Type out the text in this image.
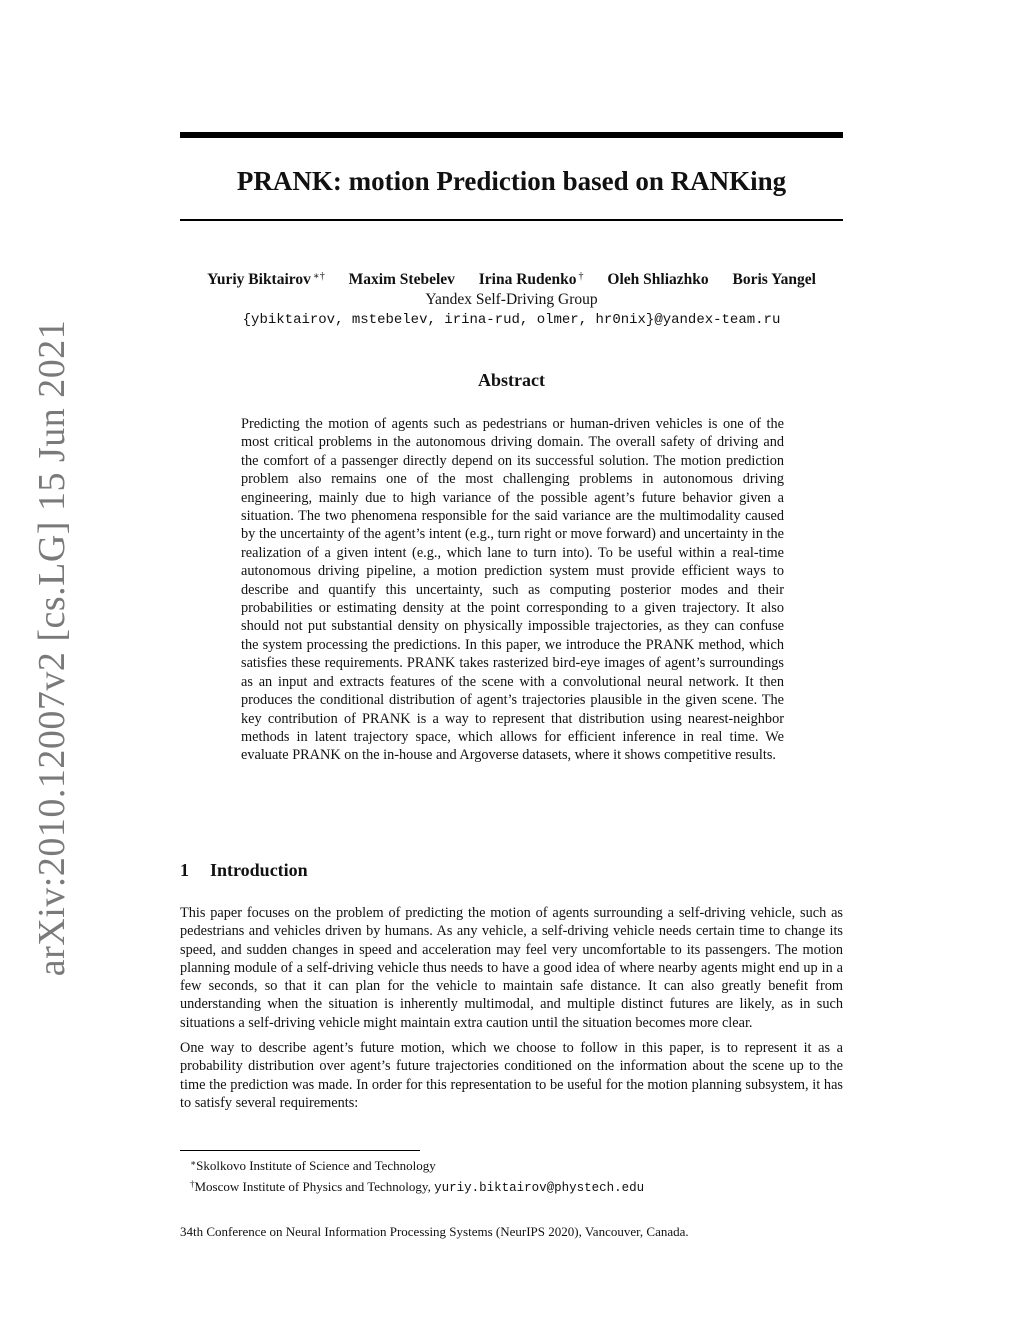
arXiv:2010.12007v2 [cs.LG] 15 Jun 2021
PRANK: motion Prediction based on RANKing
Yuriy Biktairov ∗† Maxim Stebelev Irina Rudenko † Oleh Shliazhko Boris Yangel
Yandex Self-Driving Group
{ybiktairov, mstebelev, irina-rud, olmer, hr0nix}@yandex-team.ru
Abstract
Predicting the motion of agents such as pedestrians or human-driven vehicles is one of the most critical problems in the autonomous driving domain. The overall safety of driving and the comfort of a passenger directly depend on its successful solution. The motion prediction problem also remains one of the most challenging problems in autonomous driving engineering, mainly due to high variance of the possible agent’s future behavior given a situation. The two phenomena responsible for the said variance are the multimodality caused by the uncertainty of the agent’s intent (e.g., turn right or move forward) and uncertainty in the realization of a given intent (e.g., which lane to turn into). To be useful within a real-time autonomous driving pipeline, a motion prediction system must provide efficient ways to describe and quantify this uncertainty, such as computing posterior modes and their probabilities or estimating density at the point corresponding to a given trajectory. It also should not put substantial density on physically impossible trajectories, as they can confuse the system processing the predictions. In this paper, we introduce the PRANK method, which satisfies these requirements. PRANK takes rasterized bird-eye images of agent’s surroundings as an input and extracts features of the scene with a convolutional neural network. It then produces the conditional distribution of agent’s trajectories plausible in the given scene. The key contribution of PRANK is a way to represent that distribution using nearest-neighbor methods in latent trajectory space, which allows for efficient inference in real time. We evaluate PRANK on the in-house and Argoverse datasets, where it shows competitive results.
1 Introduction

This paper focuses on the problem of predicting the motion of agents surrounding a self-driving vehicle, such as pedestrians and vehicles driven by humans. As any vehicle, a self-driving vehicle needs certain time to change its speed, and sudden changes in speed and acceleration may feel very uncomfortable to its passengers. The motion planning module of a self-driving vehicle thus needs to have a good idea of where nearby agents might end up in a few seconds, so that it can plan for the vehicle to maintain safe distance. It can also greatly benefit from understanding when the situation is inherently multimodal, and multiple distinct futures are likely, as in such situations a self-driving vehicle might maintain extra caution until the situation becomes more clear.

One way to describe agent’s future motion, which we choose to follow in this paper, is to represent it as a probability distribution over agent’s future trajectories conditioned on the information about the scene up to the time the prediction was made. In order for this representation to be useful for the motion planning subsystem, it has to satisfy several requirements:

∗Skolkovo Institute of Science and Technology
†Moscow Institute of Physics and Technology, yuriy.biktairov@phystech.edu
34th Conference on Neural Information Processing Systems (NeurIPS 2020), Vancouver, Canada.
